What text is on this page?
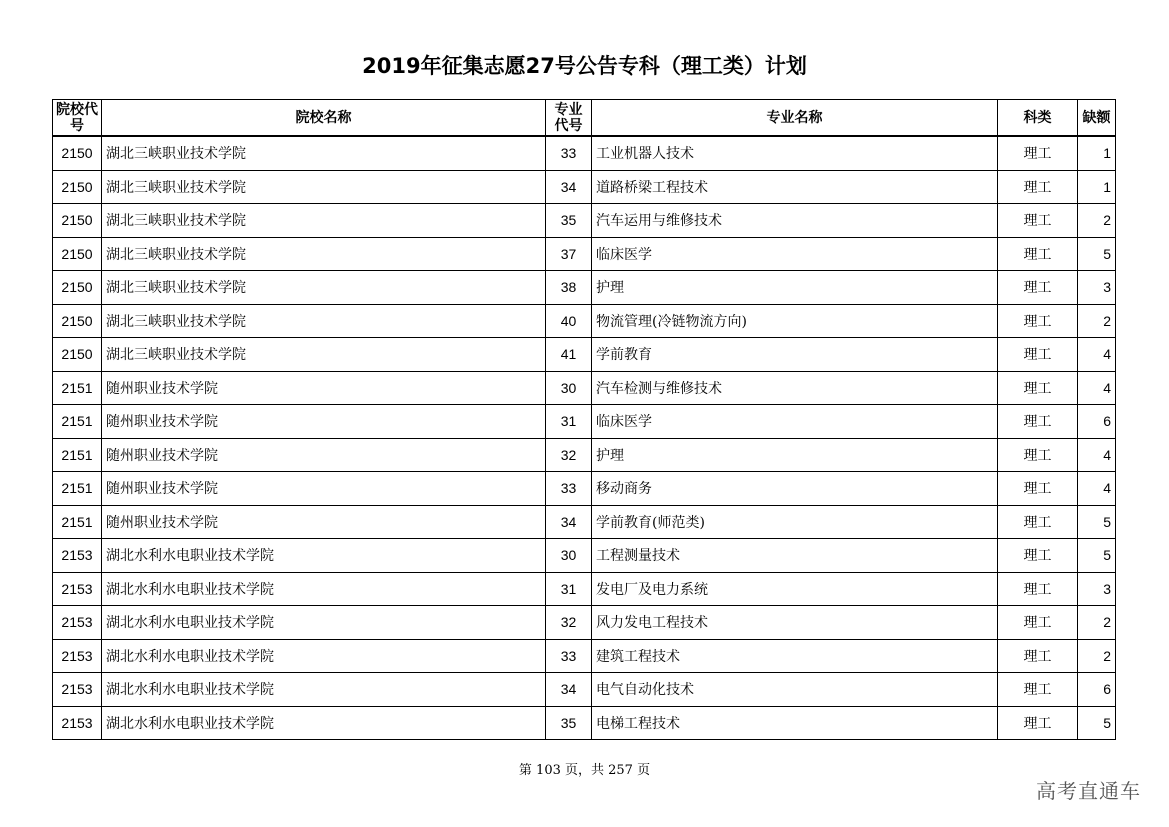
2019年征集志愿27号公告专科（理工类）计划
院校代号	院校名称	专业代号	专业名称	科类	缺额
2150	湖北三峡职业技术学院	33	工业机器人技术	理工	1
2150	湖北三峡职业技术学院	34	道路桥梁工程技术	理工	1
2150	湖北三峡职业技术学院	35	汽车运用与维修技术	理工	2
2150	湖北三峡职业技术学院	37	临床医学	理工	5
2150	湖北三峡职业技术学院	38	护理	理工	3
2150	湖北三峡职业技术学院	40	物流管理(冷链物流方向)	理工	2
2150	湖北三峡职业技术学院	41	学前教育	理工	4
2151	随州职业技术学院	30	汽车检测与维修技术	理工	4
2151	随州职业技术学院	31	临床医学	理工	6
2151	随州职业技术学院	32	护理	理工	4
2151	随州职业技术学院	33	移动商务	理工	4
2151	随州职业技术学院	34	学前教育(师范类)	理工	5
2153	湖北水利水电职业技术学院	30	工程测量技术	理工	5
2153	湖北水利水电职业技术学院	31	发电厂及电力系统	理工	3
2153	湖北水利水电职业技术学院	32	风力发电工程技术	理工	2
2153	湖北水利水电职业技术学院	33	建筑工程技术	理工	2
2153	湖北水利水电职业技术学院	34	电气自动化技术	理工	6
2153	湖北水利水电职业技术学院	35	电梯工程技术	理工	5
第 103 页，共 257 页
高考直通车
